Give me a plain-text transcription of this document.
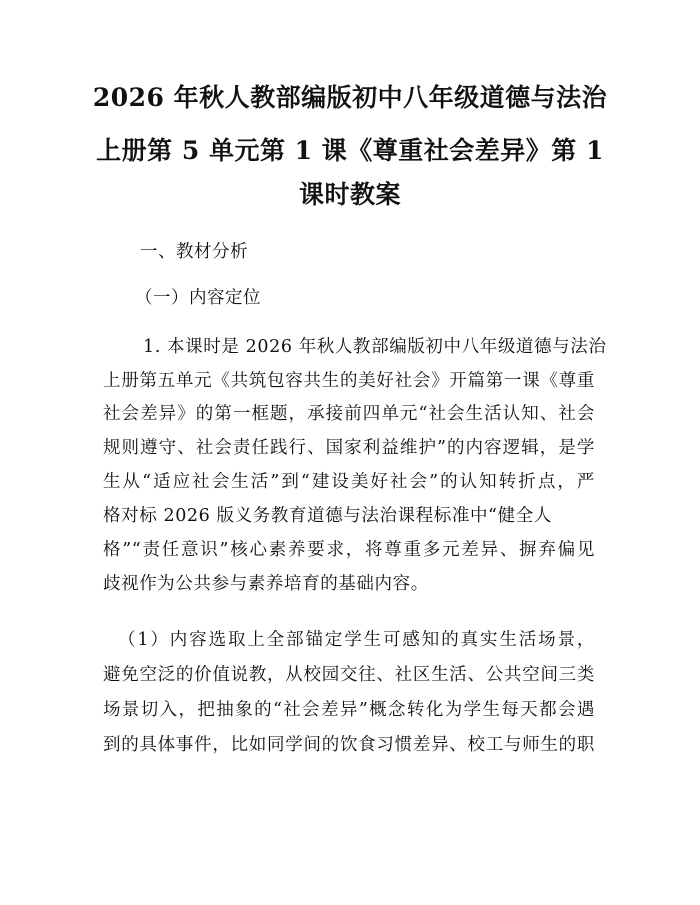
2026 年秋人教部编版初中八年级道德与法治
上册第 5 单元第 1 课《尊重社会差异》第 1
课时教案
一、教材分析
（一）内容定位
1. 本课时是 2026 年秋人教部编版初中八年级道德与法治
上册第五单元《共筑包容共生的美好社会》开篇第一课《尊重
社会差异》的第一框题，承接前四单元“社会生活认知、社会
规则遵守、社会责任践行、国家利益维护”的内容逻辑，是学
生从“适应社会生活”到“建设美好社会”的认知转折点，严
格对标 2026 版义务教育道德与法治课程标准中“健全人
格”“责任意识”核心素养要求，将尊重多元差异、摒弃偏见
歧视作为公共参与素养培育的基础内容。
（1）内容选取上全部锚定学生可感知的真实生活场景，
避免空泛的价值说教，从校园交往、社区生活、公共空间三类
场景切入，把抽象的“社会差异”概念转化为学生每天都会遇
到的具体事件，比如同学间的饮食习惯差异、校工与师生的职
